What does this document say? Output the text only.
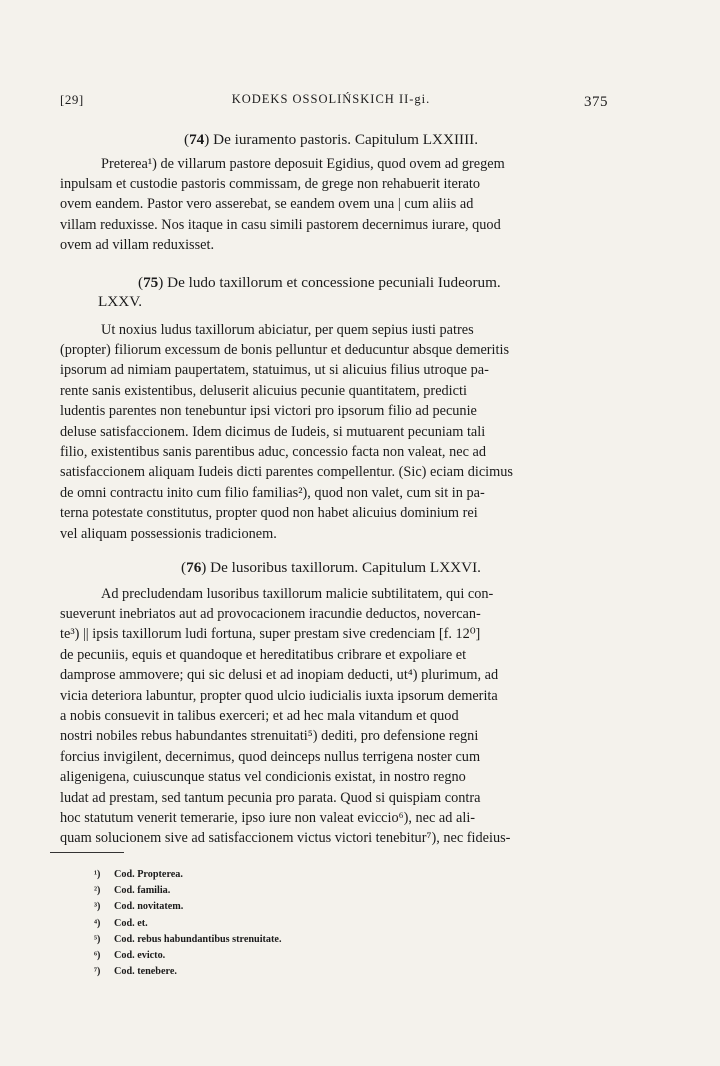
[29]	KODEKS OSSOLIŃSKICH II-gi.	375

(74) De iuramento pastoris. Capitulum LXXIIII.

Preterea¹) de villarum pastore deposuit Egidius, quod ovem ad gregem

inpulsam et custodie pastoris commissam, de grege non rehabuerit iterato

ovem eandem. Pastor vero asserebat, se eandem ovem una | cum aliis ad

villam reduxisse. Nos itaque in casu simili pastorem decernimus iurare, quod

ovem ad villam reduxisset.

(75) De ludo taxillorum et concessione pecuniali Iudeorum.

LXXV.

Ut noxius ludus taxillorum abiciatur, per quem sepius iusti patres

(propter) filiorum excessum de bonis pelluntur et deducuntur absque demeritis

ipsorum ad nimiam paupertatem, statuimus, ut si alicuius filius utroque pa-

rente sanis existentibus, deluserit alicuius pecunie quantitatem, predicti

ludentis parentes non tenebuntur ipsi victori pro ipsorum filio ad pecunie

deluse satisfaccionem. Idem dicimus de Iudeis, si mutuarent pecuniam tali

filio, existentibus sanis parentibus aduc, concessio facta non valeat, nec ad

satisfaccionem aliquam Iudeis dicti parentes compellentur. (Sic) eciam dicimus

de omni contractu inito cum filio familias²), quod non valet, cum sit in pa-

terna potestate constitutus, propter quod non habet alicuius dominium rei

vel aliquam possessionis tradicionem.

(76) De lusoribus taxillorum. Capitulum LXXVI.

Ad precludendam lusoribus taxillorum malicie subtilitatem, qui con-

sueverunt inebriatos aut ad provocacionem iracundie deductos, novercan-

te³) || ipsis taxillorum ludi fortuna, super prestam sive credenciam [f. 12⁰]

de pecuniis, equis et quandoque et hereditatibus cribrare et expoliare et

damprose ammovere; qui sic delusi et ad inopiam deducti, ut⁴) plurimum, ad

vicia deteriora labuntur, propter quod ulcio iudicialis iuxta ipsorum demerita

a nobis consuevit in talibus exerceri; et ad hec mala vitandum et quod

nostri nobiles rebus habundantes strenuitati⁵) dediti, pro defensione regni

forcius invigilent, decernimus, quod deinceps nullus terrigena noster cum

aligenigena, cuiuscunque status vel condicionis existat, in nostro regno

ludat ad prestam, sed tantum pecunia pro parata. Quod si quispiam contra

hoc statutum venerit temerarie, ipso iure non valeat eviccio⁶), nec ad ali-

quam solucionem sive ad satisfaccionem victus victori tenebitur⁷), nec fideius-

¹) Cod. Propterea.
²) Cod. familia.
³) Cod. novitatem.
⁴) Cod. et.
⁵) Cod. rebus habundantibus strenuitate.
⁶) Cod. evicto.
⁷) Cod. tenebere.
